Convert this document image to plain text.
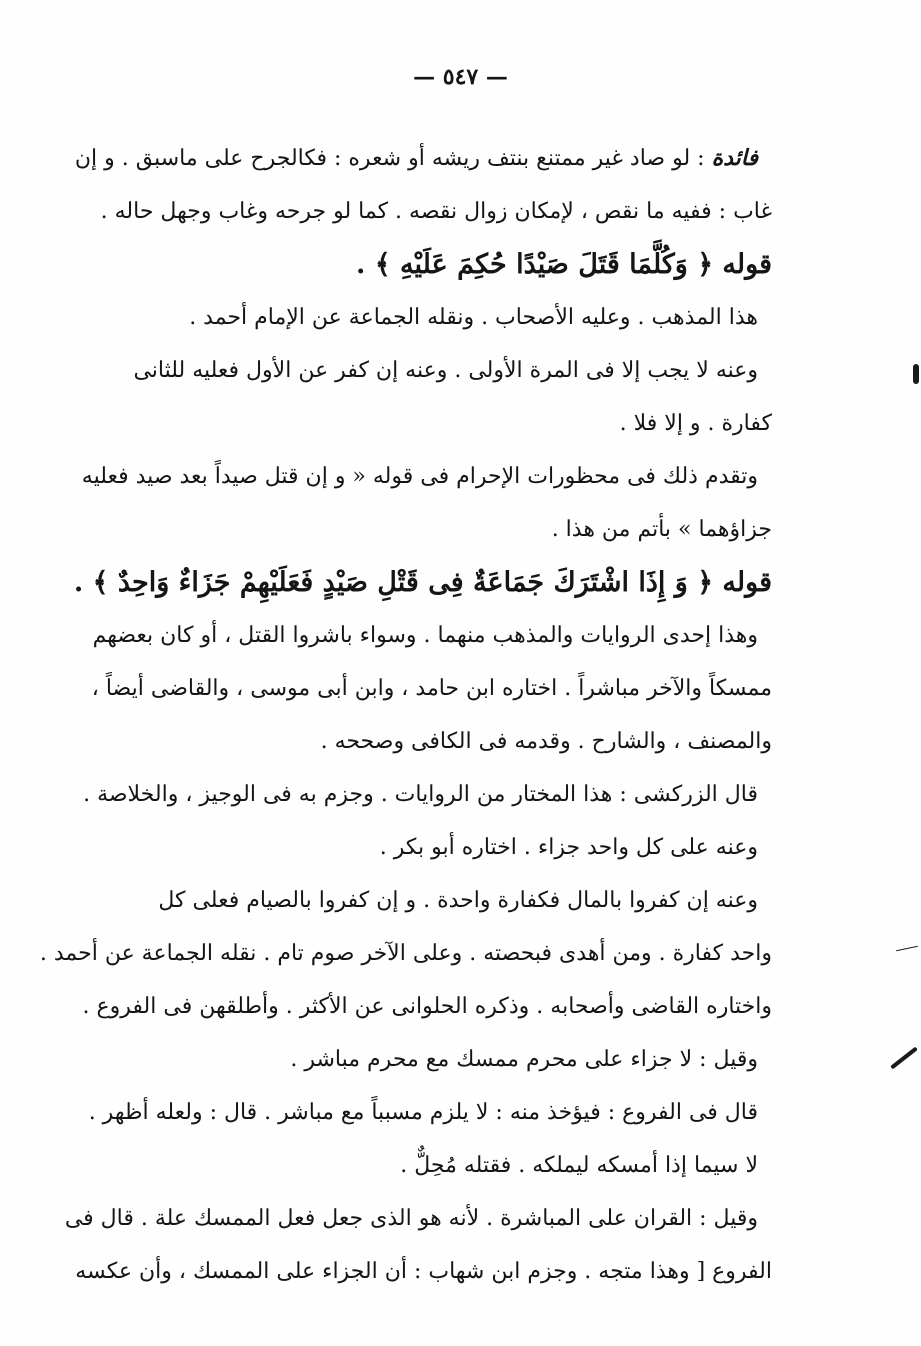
— ٥٤٧ —
فائدة : لو صاد غير ممتنع بنتف ريشه أو شعره : فكالجرح على ماسبق . و إن
غاب : ففيه ما نقص ، لإمكان زوال نقصه . كما لو جرحه وغاب وجهل حاله .
قوله ﴿ وَكُلَّمَا قَتَلَ صَيْدًا حُكِمَ عَلَيْهِ ﴾ .
هذا المذهب . وعليه الأصحاب . ونقله الجماعة عن الإمام أحمد .
وعنه لا يجب إلا فى المرة الأولى . وعنه إن كفر عن الأول فعليه للثانى
كفارة . و إلا فلا .
وتقدم ذلك فى محظورات الإحرام فى قوله « و إن قتل صيداً بعد صيد فعليه
جزاؤهما » بأتم من هذا .
قوله ﴿ وَ إِذَا اشْتَرَكَ جَمَاعَةٌ فِى قَتْلِ صَيْدٍ فَعَلَيْهِمْ جَزَاءٌ وَاحِدٌ ﴾ .
وهذا إحدى الروايات والمذهب منهما . وسواء باشروا القتل ، أو كان بعضهم
ممسكاً والآخر مباشراً . اختاره ابن حامد ، وابن أبى موسى ، والقاضى أيضاً ،
والمصنف ، والشارح . وقدمه فى الكافى وصححه .
قال الزركشى : هذا المختار من الروايات . وجزم به فى الوجيز ، والخلاصة .
وعنه على كل واحد جزاء . اختاره أبو بكر .
وعنه إن كفروا بالمال فكفارة واحدة . و إن كفروا بالصيام فعلى كل
واحد كفارة . ومن أهدى فبحصته . وعلى الآخر صوم تام . نقله الجماعة عن أحمد .
واختاره القاضى وأصحابه . وذكره الحلوانى عن الأكثر . وأطلقهن فى الفروع .
وقيل : لا جزاء على محرم ممسك مع محرم مباشر .
قال فى الفروع : فيؤخذ منه : لا يلزم مسبباً مع مباشر . قال : ولعله أظهر .
لا سيما إذا أمسكه ليملكه . فقتله مُحِلٌّ .
وقيل : القران على المباشرة . لأنه هو الذى جعل فعل الممسك علة . قال فى
الفروع [ وهذا متجه . وجزم ابن شهاب : أن الجزاء على الممسك ، وأن عكسه
